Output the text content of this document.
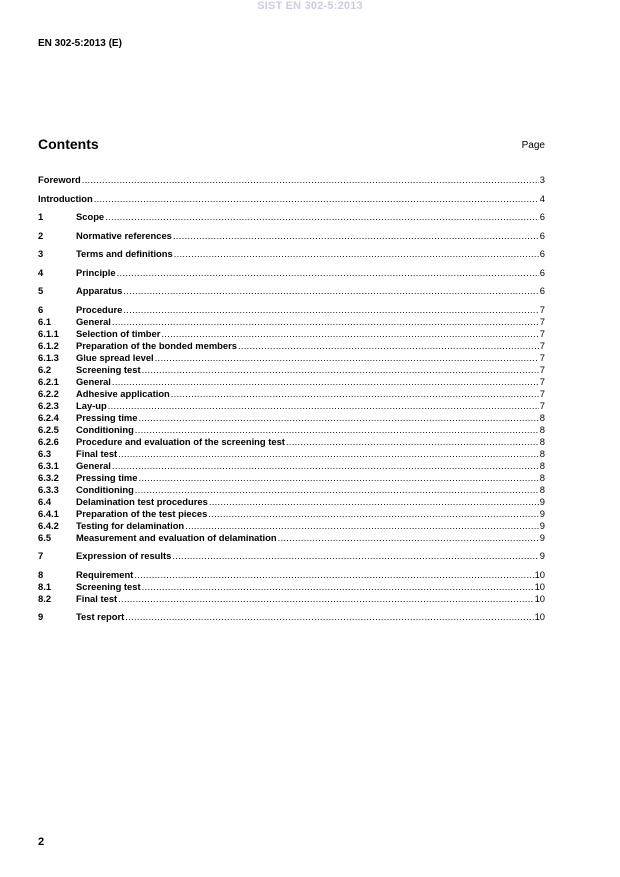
SIST EN 302-5:2013
EN 302-5:2013 (E)
Contents	Page
Foreword .....	3
Introduction .....	4
1	Scope .....	6
2	Normative references .....	6
3	Terms and definitions .....	6
4	Principle .....	6
5	Apparatus .....	6
6	Procedure .....	7
6.1	General .....	7
6.1.1	Selection of timber .....	7
6.1.2	Preparation of the bonded members .....	7
6.1.3	Glue spread level .....	7
6.2	Screening test .....	7
6.2.1	General .....	7
6.2.2	Adhesive application .....	7
6.2.3	Lay-up .....	7
6.2.4	Pressing time .....	8
6.2.5	Conditioning .....	8
6.2.6	Procedure and evaluation of the screening test .....	8
6.3	Final test .....	8
6.3.1	General .....	8
6.3.2	Pressing time .....	8
6.3.3	Conditioning .....	8
6.4	Delamination test procedures .....	9
6.4.1	Preparation of the test pieces .....	9
6.4.2	Testing for delamination .....	9
6.5	Measurement and evaluation of delamination .....	9
7	Expression of results .....	9
8	Requirement .....	10
8.1	Screening test .....	10
8.2	Final test .....	10
9	Test report .....	10
2
